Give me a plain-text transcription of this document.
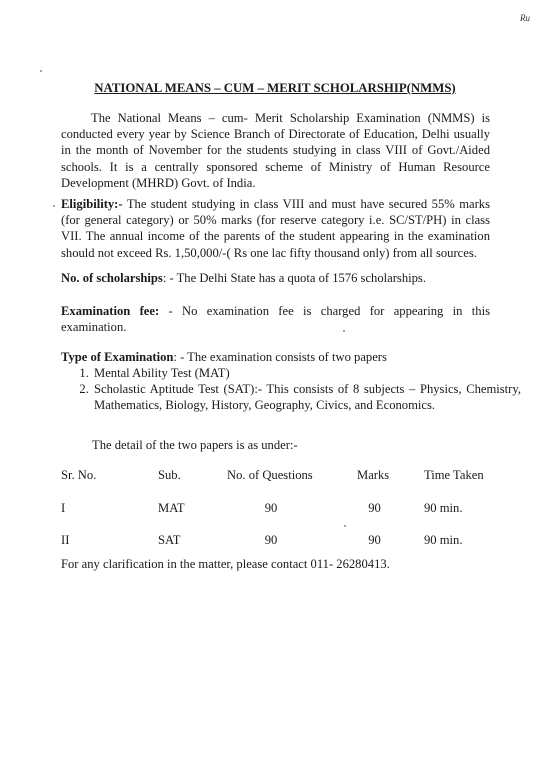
Ru
NATIONAL MEANS – CUM – MERIT SCHOLARSHIP(NMMS)

The National Means – cum- Merit Scholarship Examination (NMMS) is conducted every year by Science Branch of Directorate of Education, Delhi usually in the month of November for the students studying in class VIII of Govt./Aided schools. It is a centrally sponsored scheme of Ministry of Human Resource Development (MHRD) Govt. of India.

Eligibility:- The student studying in class VIII and must have secured 55% marks (for general category) or 50% marks (for reserve category i.e. SC/ST/PH) in class VII. The annual income of the parents of the student appearing in the examination should not exceed Rs. 1,50,000/-( Rs one lac fifty thousand only) from all sources.

No. of scholarships: - The Delhi State has a quota of 1576 scholarships.

Examination fee: - No examination fee is charged for appearing in this examination.

Type of Examination: - The examination consists of two papers

1. Mental Ability Test (MAT)
2. Scholastic Aptitude Test (SAT):- This consists of 8 subjects – Physics, Chemistry, Mathematics, Biology, History, Geography, Civics, and Economics.
The detail of the two papers is as under:-
Sr. No.	Sub.	No. of Questions	Marks	Time Taken
I	MAT	90	90	90 min.
II	SAT	90	90	90 min.
For any clarification in the matter, please contact 011- 26280413.
